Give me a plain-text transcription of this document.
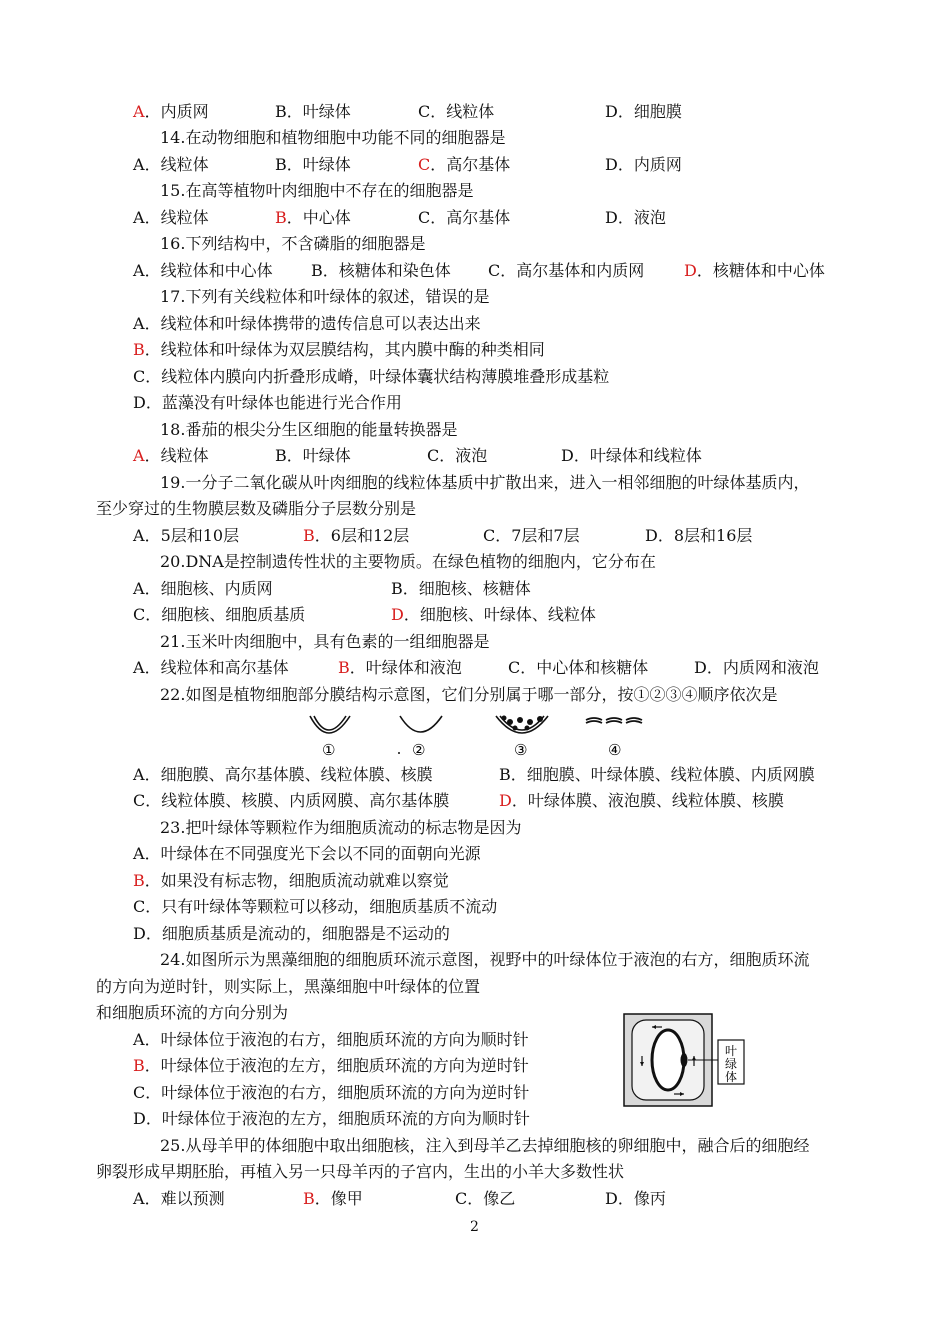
A．内质网	B．叶绿体	C．线粒体	D．细胞膜
14.在动物细胞和植物细胞中功能不同的细胞器是
A．线粒体	B．叶绿体	C．高尔基体	D．内质网
15.在高等植物叶肉细胞中不存在的细胞器是
A．线粒体	B．中心体	C．高尔基体	D．液泡
16.下列结构中，不含磷脂的细胞器是
A．线粒体和中心体 B．核糖体和染色体 C．高尔基体和内质网 D．核糖体和中心体
17.下列有关线粒体和叶绿体的叙述，错误的是
A．线粒体和叶绿体携带的遗传信息可以表达出来
B．线粒体和叶绿体为双层膜结构，其内膜中酶的种类相同
C．线粒体内膜向内折叠形成嵴，叶绿体囊状结构薄膜堆叠形成基粒
D．蓝藻没有叶绿体也能进行光合作用
18.番茄的根尖分生区细胞的能量转换器是
A．线粒体	B．叶绿体	C．液泡	D．叶绿体和线粒体
19.一分子二氧化碳从叶肉细胞的线粒体基质中扩散出来，进入一相邻细胞的叶绿体基质内，
至少穿过的生物膜层数及磷脂分子层数分别是
A．5层和10层	B．6层和12层	C．7层和7层	D．8层和16层
20.DNA是控制遗传性状的主要物质。在绿色植物的细胞内，它分布在
A．细胞核、内质网	B．细胞核、核糖体
C．细胞核、细胞质基质	D．细胞核、叶绿体、线粒体
21.玉米叶肉细胞中，具有色素的一组细胞器是
A．线粒体和高尔基体	B．叶绿体和液泡	C．中心体和核糖体	D．内质网和液泡
22.如图是植物细胞部分膜结构示意图，它们分别属于哪一部分，按①②③④顺序依次是
A．细胞膜、高尔基体膜、线粒体膜、核膜	B．细胞膜、叶绿体膜、线粒体膜、内质网膜
C．线粒体膜、核膜、内质网膜、高尔基体膜	D．叶绿体膜、液泡膜、线粒体膜、核膜
23.把叶绿体等颗粒作为细胞质流动的标志物是因为
A．叶绿体在不同强度光下会以不同的面朝向光源
B．如果没有标志物，细胞质流动就难以察觉
C．只有叶绿体等颗粒可以移动，细胞质基质不流动
D．细胞质基质是流动的，细胞器是不运动的
24.如图所示为黑藻细胞的细胞质环流示意图，视野中的叶绿体位于液泡的右方，细胞质环流
的方向为逆时针，则实际上，黑藻细胞中叶绿体的位置
和细胞质环流的方向分别为
A．叶绿体位于液泡的右方，细胞质环流的方向为顺时针
B．叶绿体位于液泡的左方，细胞质环流的方向为逆时针
C．叶绿体位于液泡的右方，细胞质环流的方向为逆时针
D．叶绿体位于液泡的左方，细胞质环流的方向为顺时针
25.从母羊甲的体细胞中取出细胞核，注入到母羊乙去掉细胞核的卵细胞中，融合后的细胞经
卵裂形成早期胚胎，再植入另一只母羊丙的子宫内，生出的小羊大多数性状
A．难以预测	B．像甲	C．像乙	D．像丙
①	②	③	④
叶
绿
体
2
